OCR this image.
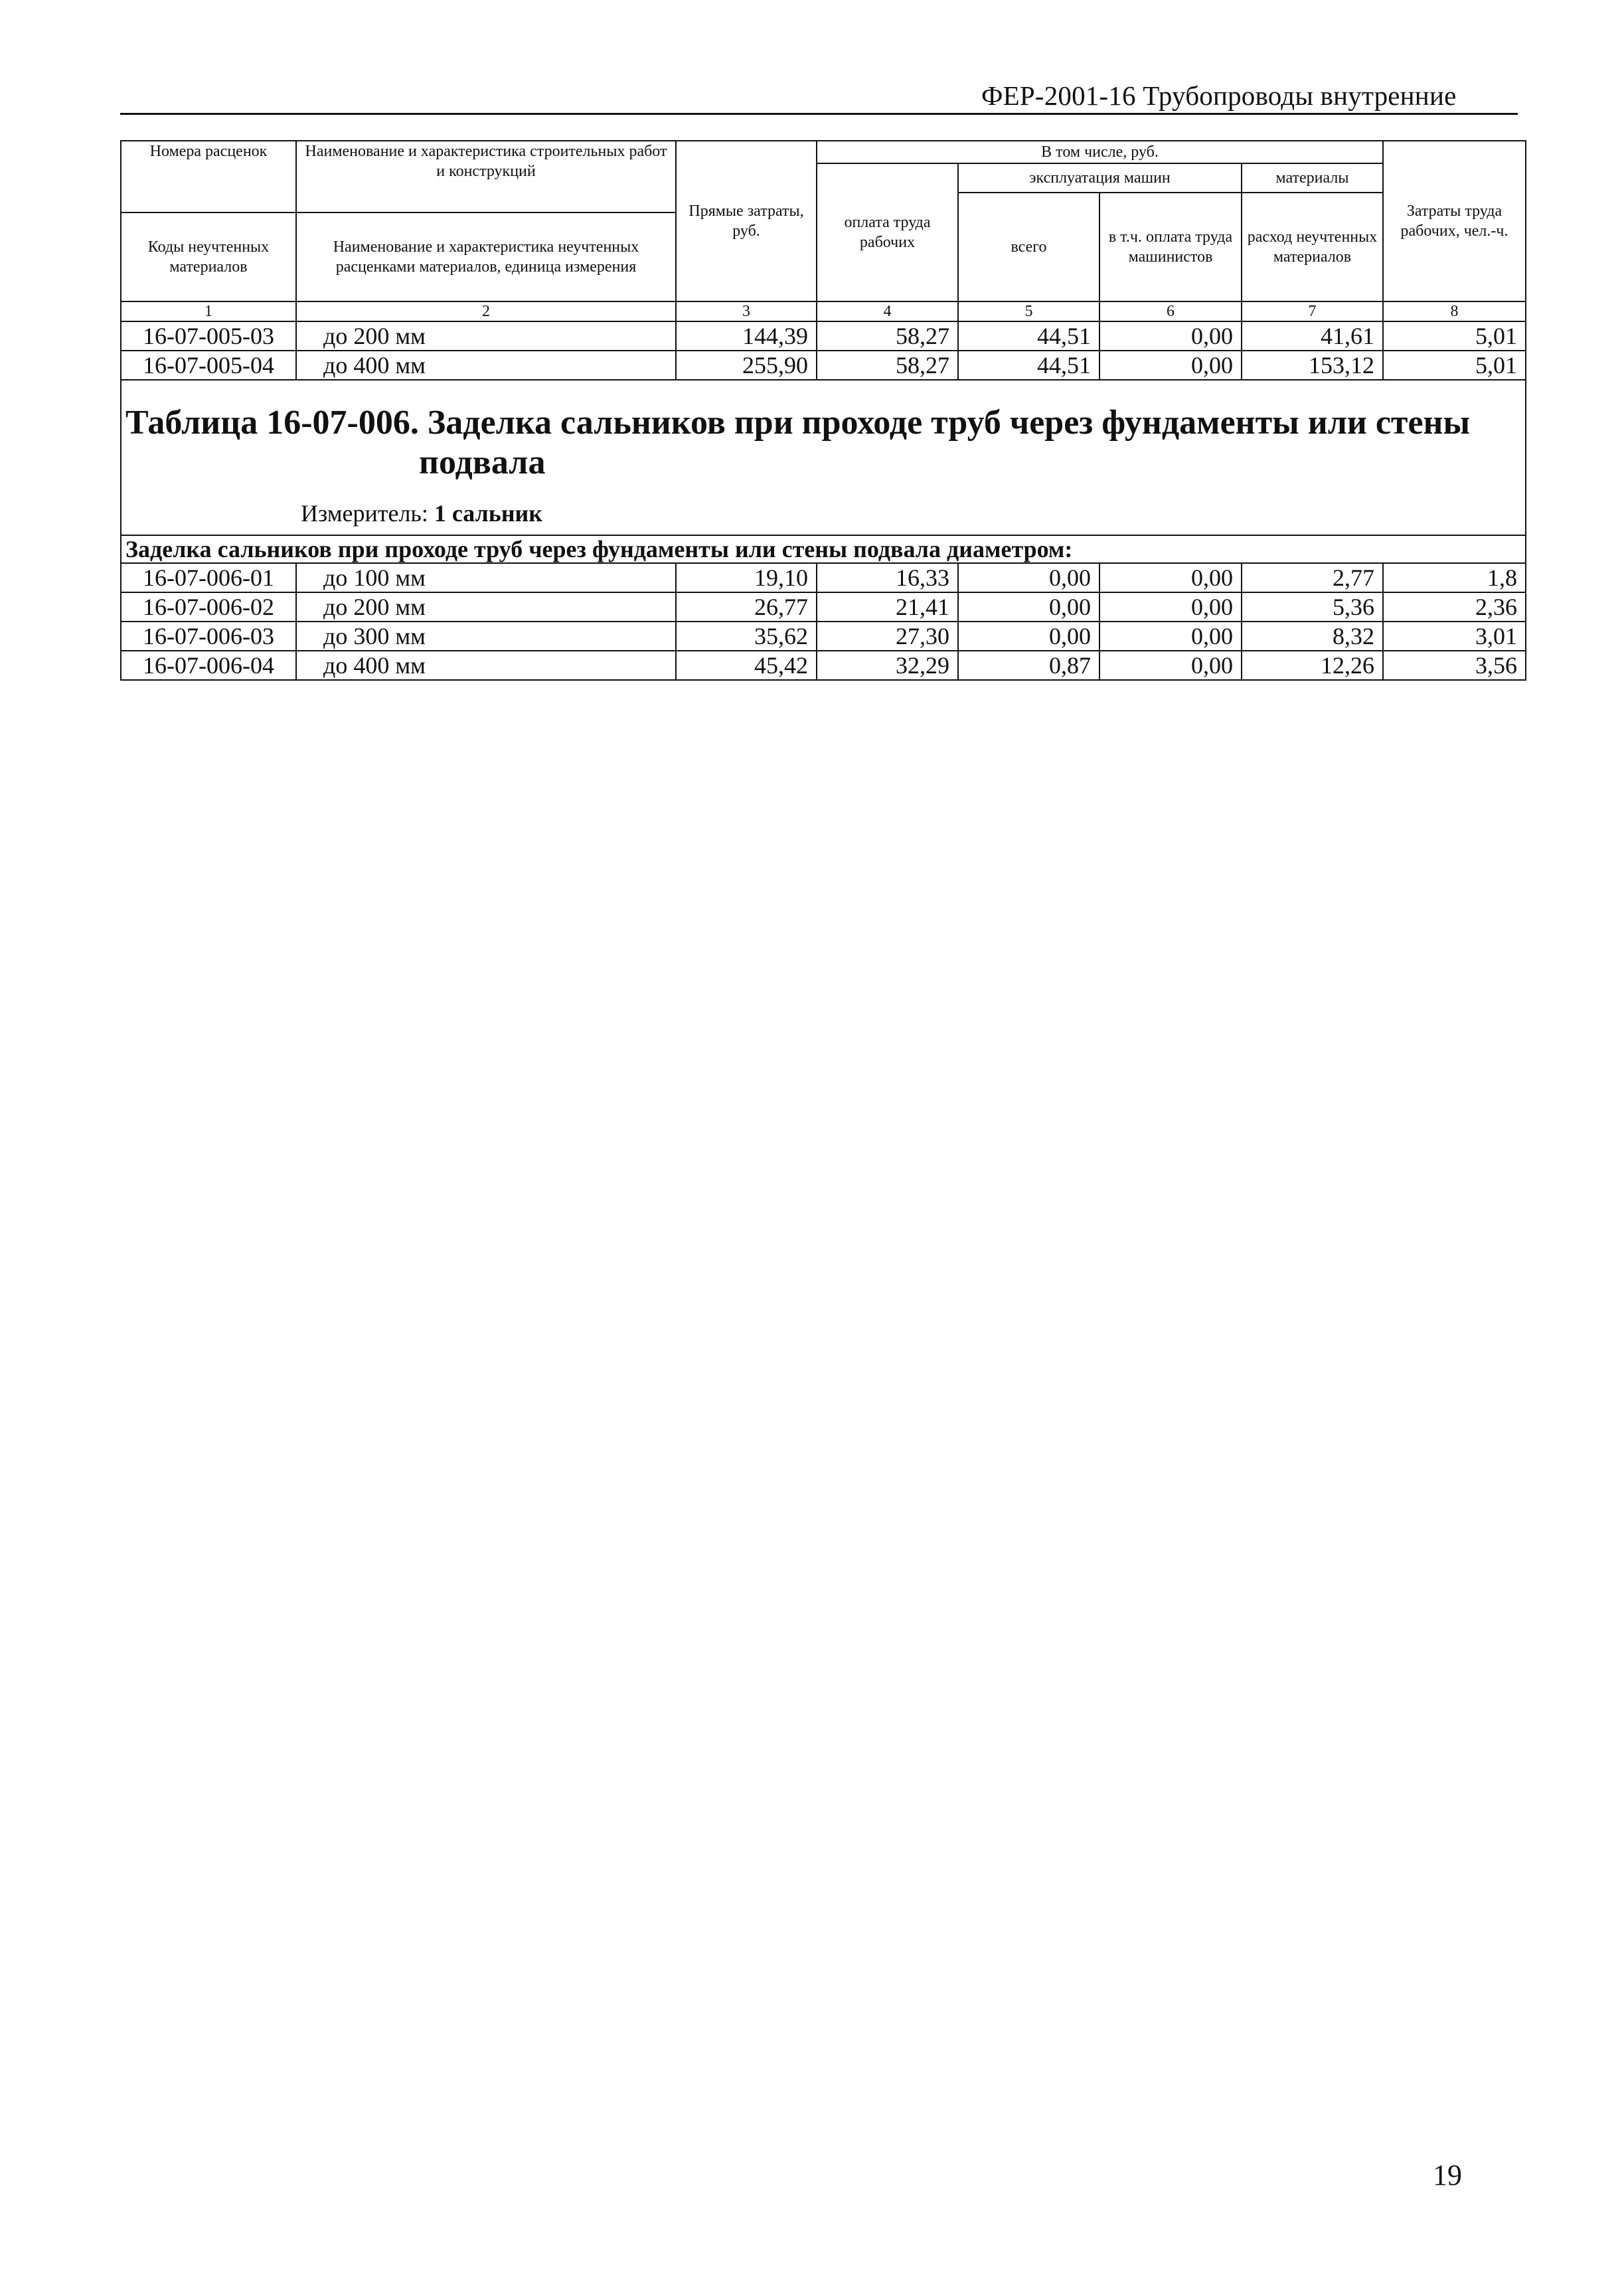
ФЕР-2001-16 Трубопроводы внутренние
Номера расценок	Наименование и характеристика строительных работ и конструкций	Прямые затраты, руб.	В том числе, руб.				Затраты труда рабочих, чел.-ч.
			оплата труда рабочих	эксплуатация машин		материалы	
				всего	в т.ч. оплата труда машинистов	расход неучтенных материалов	
Коды неучтенных материалов	Наименование и характеристика неучтенных расценками материалов, единица измерения						

1	2	3	4	5	6	7	8
16-07-005-03	до 200 мм	144,39	58,27	44,51	0,00	41,61	5,01
16-07-005-04	до 400 мм	255,90	58,27	44,51	0,00	153,12	5,01

Таблица 16-07-006. Заделка сальников при проходе труб через фундаменты или стены
подвала
Измеритель: 1 сальник							

Заделка сальников при проходе труб через фундаменты или стены подвала диаметром:							
16-07-006-01	до 100 мм	19,10	16,33	0,00	0,00	2,77	1,8
16-07-006-02	до 200 мм	26,77	21,41	0,00	0,00	5,36	2,36
16-07-006-03	до 300 мм	35,62	27,30	0,00	0,00	8,32	3,01
16-07-006-04	до 400 мм	45,42	32,29	0,87	0,00	12,26	3,56
19
